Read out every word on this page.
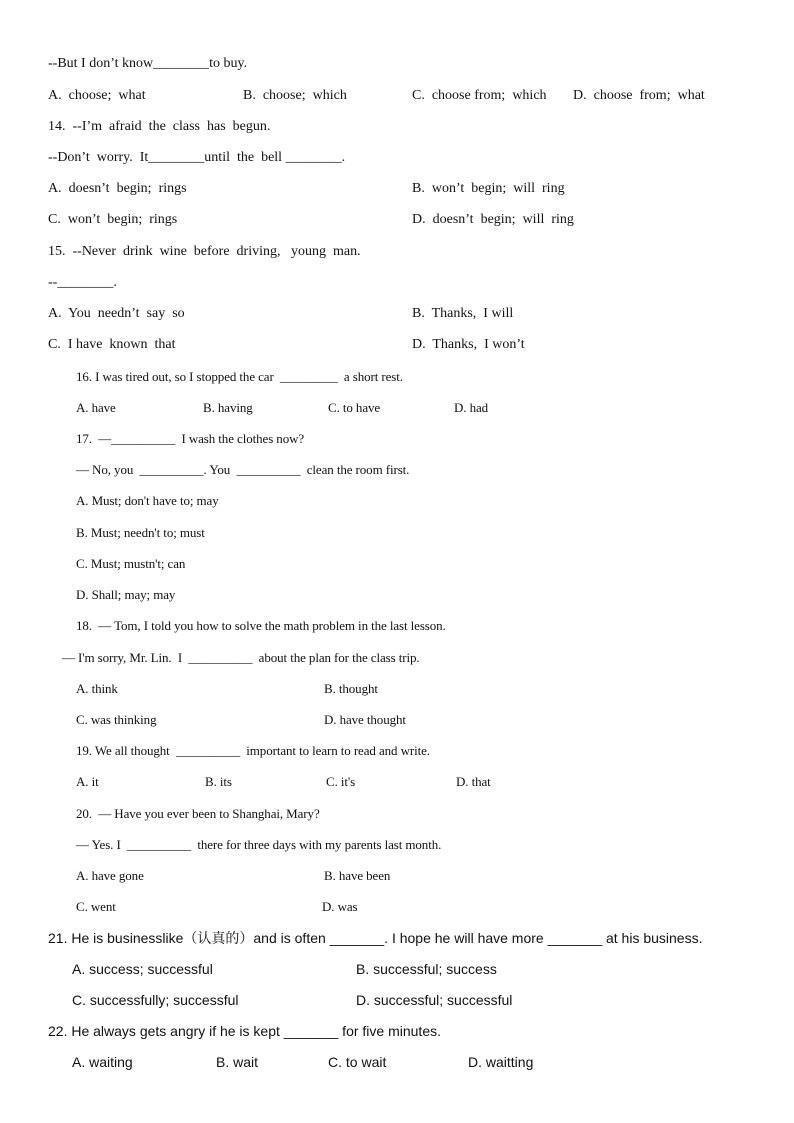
--But I don’t know________to buy.
A.  choose;  what	B.  choose;  which	C.  choose from;  which D.  choose  from;  what
14.  --I’m  afraid  the  class  has  begun.
--Don’t  worry.  It________until  the  bell ________.
A.  doesn’t  begin;  rings	B.  won’t  begin;  will  ring
C.  won’t  begin;  rings	D.  doesn’t  begin;  will  ring
15.  --Never  drink  wine  before  driving,   young  man.
--________.
A.  You  needn’t  say  so	B.  Thanks,  I will
C.  I have  known  that	D.  Thanks,  I won’t
16. I was tired out, so I stopped the car  _________  a short rest.
A. have	B. having	C. to have	D. had
17.  —__________  I wash the clothes now?
— No, you  __________. You  __________  clean the room first.
A. Must; don't have to; may
B. Must; needn't to; must
C. Must; mustn't; can
D. Shall; may; may
18.  — Tom, I told you how to solve the math problem in the last lesson.
— I'm sorry, Mr. Lin.  I  __________  about the plan for the class trip.
A. think	B. thought
C. was thinking	D. have thought
19. We all thought  __________  important to learn to read and write.
A. it	B. its	C. it's	D. that
20.  — Have you ever been to Shanghai, Mary?
— Yes. I  __________  there for three days with my parents last month.
A. have gone	B. have been
C. went	D. was
21. He is businesslike（认真的）and is often _______. I hope he will have more _______ at his business.
A. success; successful	B. successful; success
C. successfully; successful	D. successful; successful
22. He always gets angry if he is kept _______ for five minutes.
A. waiting	B. wait	C. to wait	D. waitting
